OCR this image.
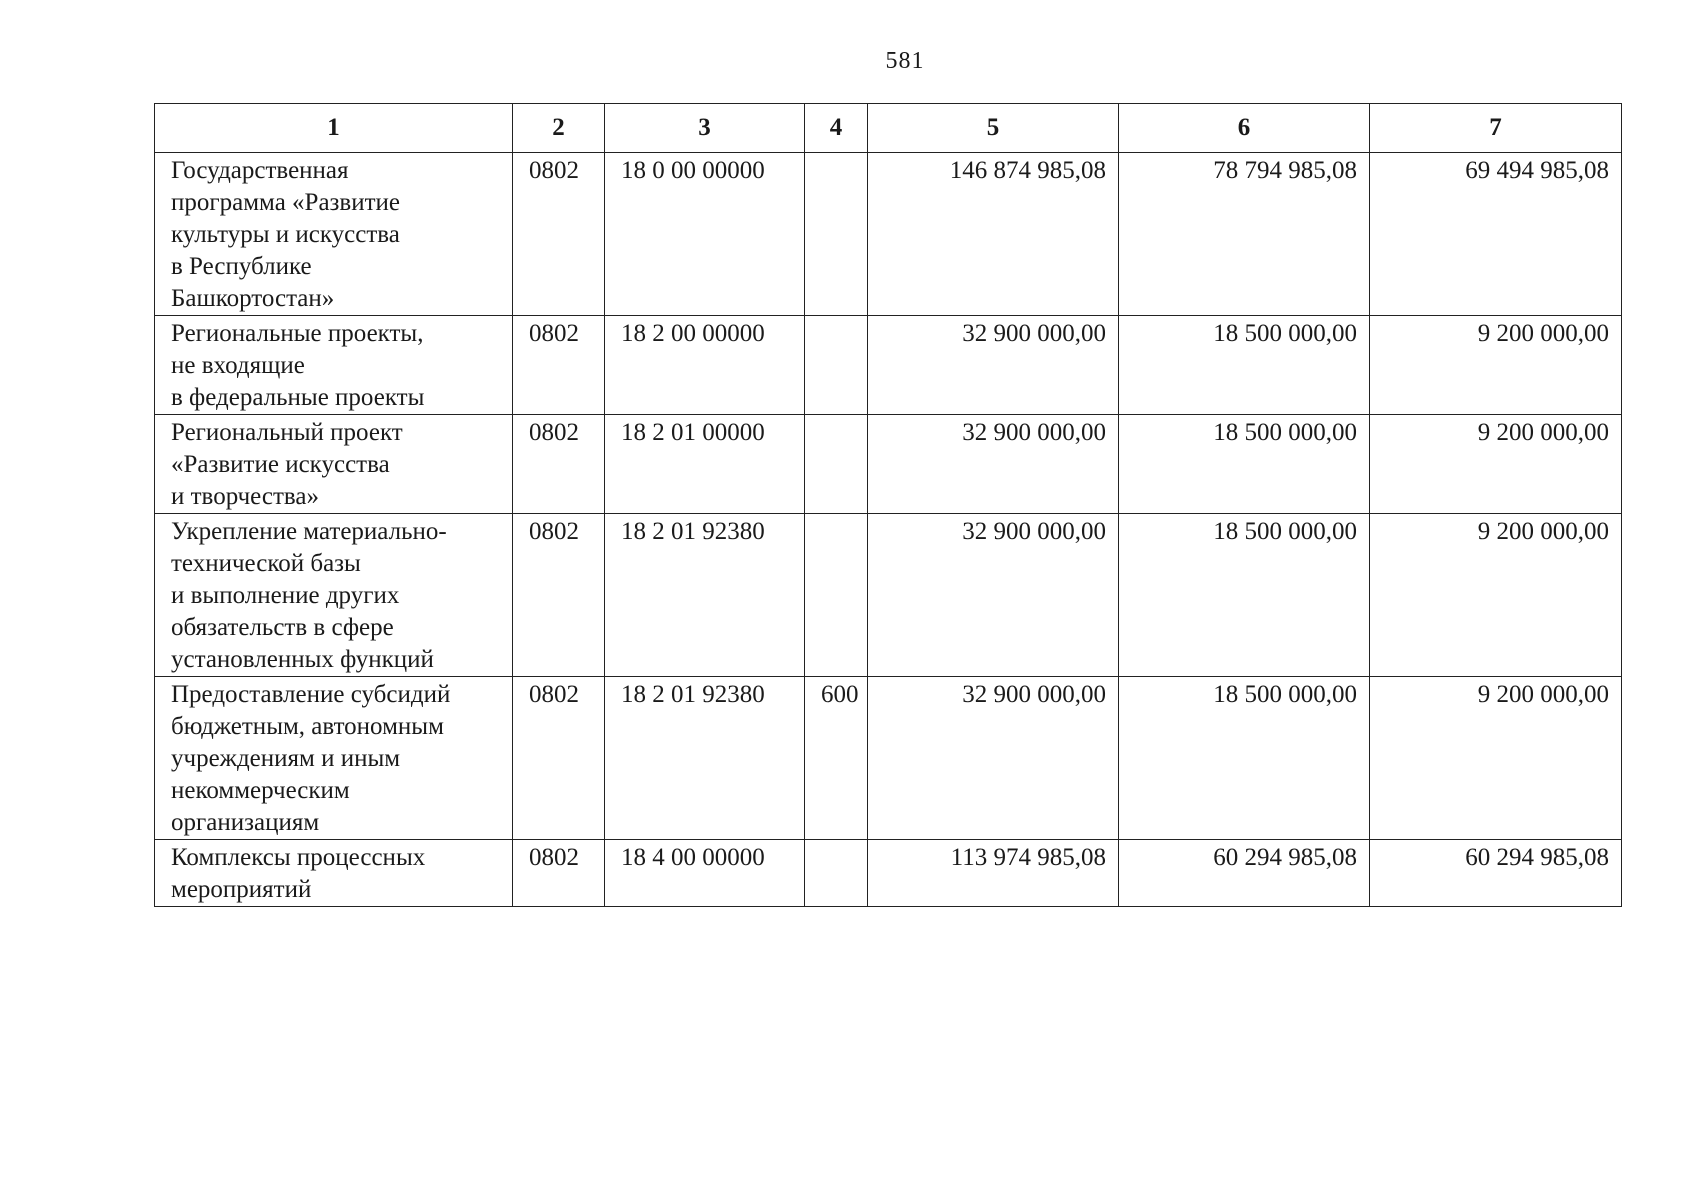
581
1	2	3	4	5	6	7

Государственная
программа «Развитие
культуры и искусства
в Республике
Башкортостан»	0802	18 0 00 00000		146 874 985,08	78 794 985,08	69 494 985,08

Региональные проекты,
не входящие
в федеральные проекты	0802	18 2 00 00000		32 900 000,00	18 500 000,00	9 200 000,00

Региональный проект
«Развитие искусства
и творчества»	0802	18 2 01 00000		32 900 000,00	18 500 000,00	9 200 000,00

Укрепление материально-
технической базы
и выполнение других
обязательств в сфере
установленных функций	0802	18 2 01 92380		32 900 000,00	18 500 000,00	9 200 000,00

Предоставление субсидий
бюджетным, автономным
учреждениям и иным
некоммерческим
организациям	0802	18 2 01 92380	600	32 900 000,00	18 500 000,00	9 200 000,00

Комплексы процессных
мероприятий	0802	18 4 00 00000		113 974 985,08	60 294 985,08	60 294 985,08
